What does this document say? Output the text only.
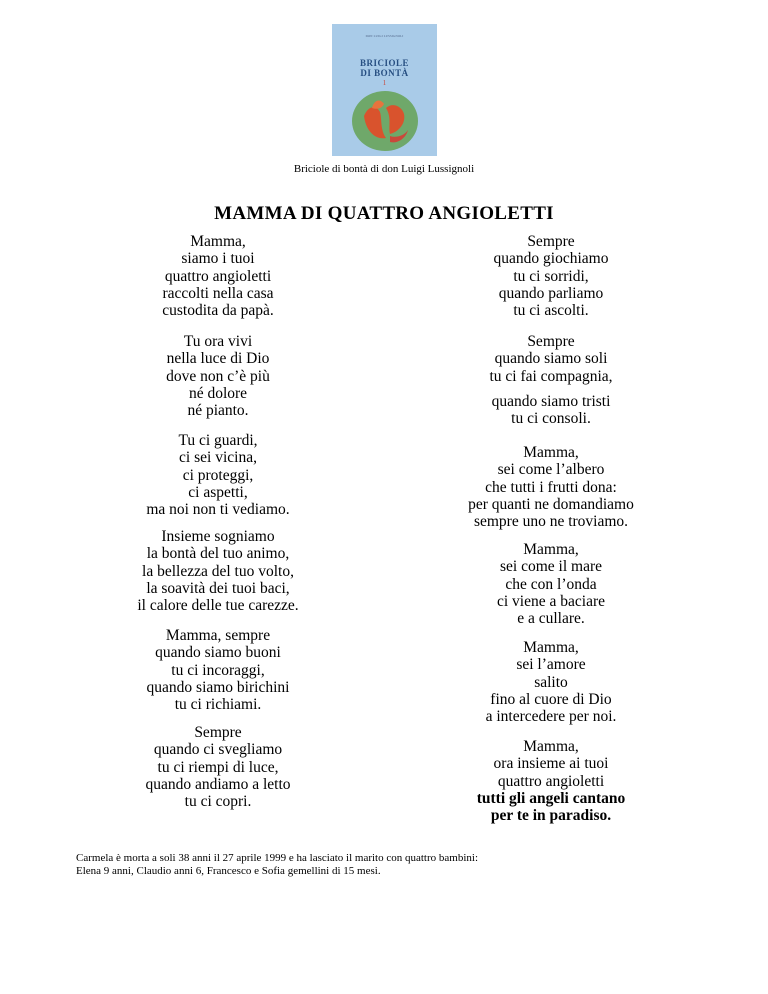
DON LUIGI LUSSIGNOLI
BRICIOLE
DI BONTÀ
1
Briciole di bontà di don Luigi Lussignoli
MAMMA DI QUATTRO ANGIOLETTI
Mamma,
siamo i tuoi
quattro angioletti
raccolti nella casa
custodita da papà.
Tu ora vivi
nella luce di Dio
dove non c’è più
né dolore
né pianto.
Tu ci guardi,
ci sei vicina,
ci proteggi,
ci aspetti,
ma noi non ti vediamo.
Insieme sogniamo
la bontà del tuo animo,
la bellezza del tuo volto,
la soavità dei tuoi baci,
il calore delle tue carezze.
Mamma, sempre
quando siamo buoni
tu ci incoraggi,
quando siamo birichini
tu ci richiami.
Sempre
quando ci svegliamo
tu ci riempi di luce,
quando andiamo a letto
tu ci copri.
Sempre
quando giochiamo
tu ci sorridi,
quando parliamo
tu ci ascolti.
Sempre
quando siamo soli
tu ci fai compagnia,
quando siamo tristi
tu ci consoli.
Mamma,
sei come l’albero
che tutti i frutti dona:
per quanti ne domandiamo
sempre uno ne troviamo.
Mamma,
sei come il mare
che con l’onda
ci viene a baciare
e a cullare.
Mamma,
sei l’amore
salito
fino al cuore di Dio
a intercedere per noi.
Mamma,
ora insieme ai tuoi
quattro angioletti
tutti gli angeli cantano
per te in paradiso.
Carmela è morta a soli 38 anni il 27 aprile 1999 e ha lasciato il marito con quattro bambini:
Elena 9 anni, Claudio anni 6, Francesco e Sofia gemellini di 15 mesi.
